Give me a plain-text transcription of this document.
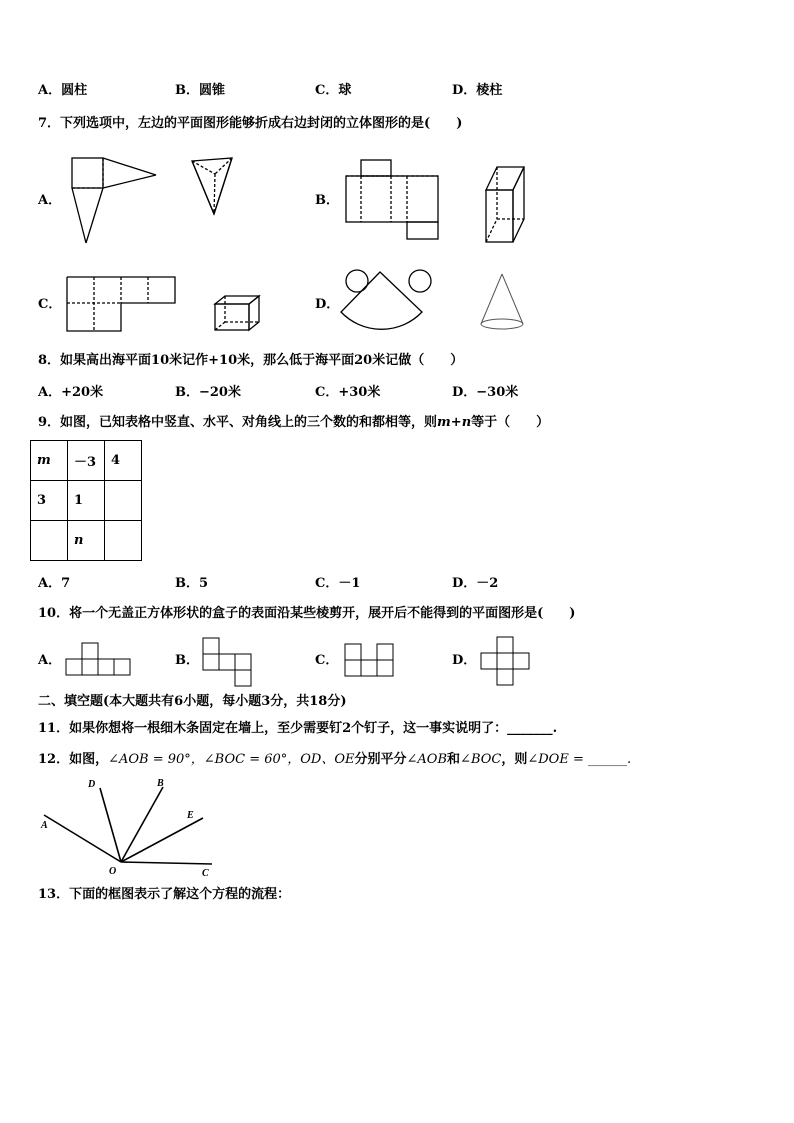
A．圆柱	B．圆锥	C．球	D．棱柱
7．下列选项中，左边的平面图形能够折成右边封闭的立体图形的是(　　)
A．	B．
C．	D．
8．如果高出海平面10米记作+10米，那么低于海平面20米记做（　　）
A．+20米	B．−20米	C．+30米	D．−30米
9．如图，已知表格中竖直、水平、对角线上的三个数的和都相等，则m+n等于（　　）
m	－3	4
3	1	
	n	
A．7	B．5	C．－1	D．－2
10．将一个无盖正方体形状的盒子的表面沿某些棱剪开，展开后不能得到的平面图形是(　　)
A．	B．	C．	D．
二、填空题(本大题共有6小题，每小题3分，共18分)
11．如果你想将一根细木条固定在墙上，至少需要钉2个钉子，这一事实说明了：_______.
12．如图，∠AOB = 90°，∠BOC = 60°，OD、OE分别平分∠AOB和∠BOC，则∠DOE = ______.
D	B
E
A
O	C
13．下面的框图表示了解这个方程的流程：
